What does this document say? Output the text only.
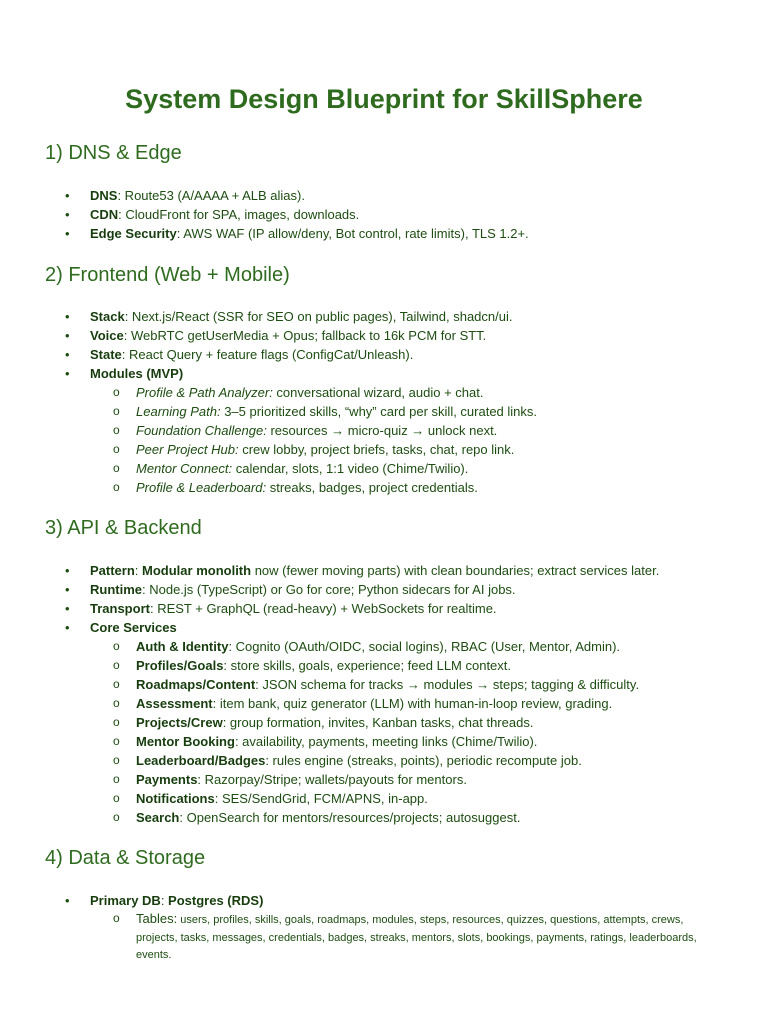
System Design Blueprint for SkillSphere
1) DNS & Edge
• DNS: Route53 (A/AAAA + ALB alias).
• CDN: CloudFront for SPA, images, downloads.
• Edge Security: AWS WAF (IP allow/deny, Bot control, rate limits), TLS 1.2+.
2) Frontend (Web + Mobile)
• Stack: Next.js/React (SSR for SEO on public pages), Tailwind, shadcn/ui.
• Voice: WebRTC getUserMedia + Opus; fallback to 16k PCM for STT.
• State: React Query + feature flags (ConfigCat/Unleash).
• Modules (MVP)
o Profile & Path Analyzer: conversational wizard, audio + chat.
o Learning Path: 3–5 prioritized skills, “why” card per skill, curated links.
o Foundation Challenge: resources → micro-quiz → unlock next.
o Peer Project Hub: crew lobby, project briefs, tasks, chat, repo link.
o Mentor Connect: calendar, slots, 1:1 video (Chime/Twilio).
o Profile & Leaderboard: streaks, badges, project credentials.
3) API & Backend
• Pattern: Modular monolith now (fewer moving parts) with clean boundaries; extract services later.
• Runtime: Node.js (TypeScript) or Go for core; Python sidecars for AI jobs.
• Transport: REST + GraphQL (read-heavy) + WebSockets for realtime.
• Core Services
o Auth & Identity: Cognito (OAuth/OIDC, social logins), RBAC (User, Mentor, Admin).
o Profiles/Goals: store skills, goals, experience; feed LLM context.
o Roadmaps/Content: JSON schema for tracks → modules → steps; tagging & difficulty.
o Assessment: item bank, quiz generator (LLM) with human-in-loop review, grading.
o Projects/Crew: group formation, invites, Kanban tasks, chat threads.
o Mentor Booking: availability, payments, meeting links (Chime/Twilio).
o Leaderboard/Badges: rules engine (streaks, points), periodic recompute job.
o Payments: Razorpay/Stripe; wallets/payouts for mentors.
o Notifications: SES/SendGrid, FCM/APNS, in-app.
o Search: OpenSearch for mentors/resources/projects; autosuggest.
4) Data & Storage
• Primary DB: Postgres (RDS)
o Tables: users, profiles, skills, goals, roadmaps, modules, steps, resources, quizzes, questions, attempts, crews, projects, tasks, messages, credentials, badges, streaks, mentors, slots, bookings, payments, ratings, leaderboards, events.
